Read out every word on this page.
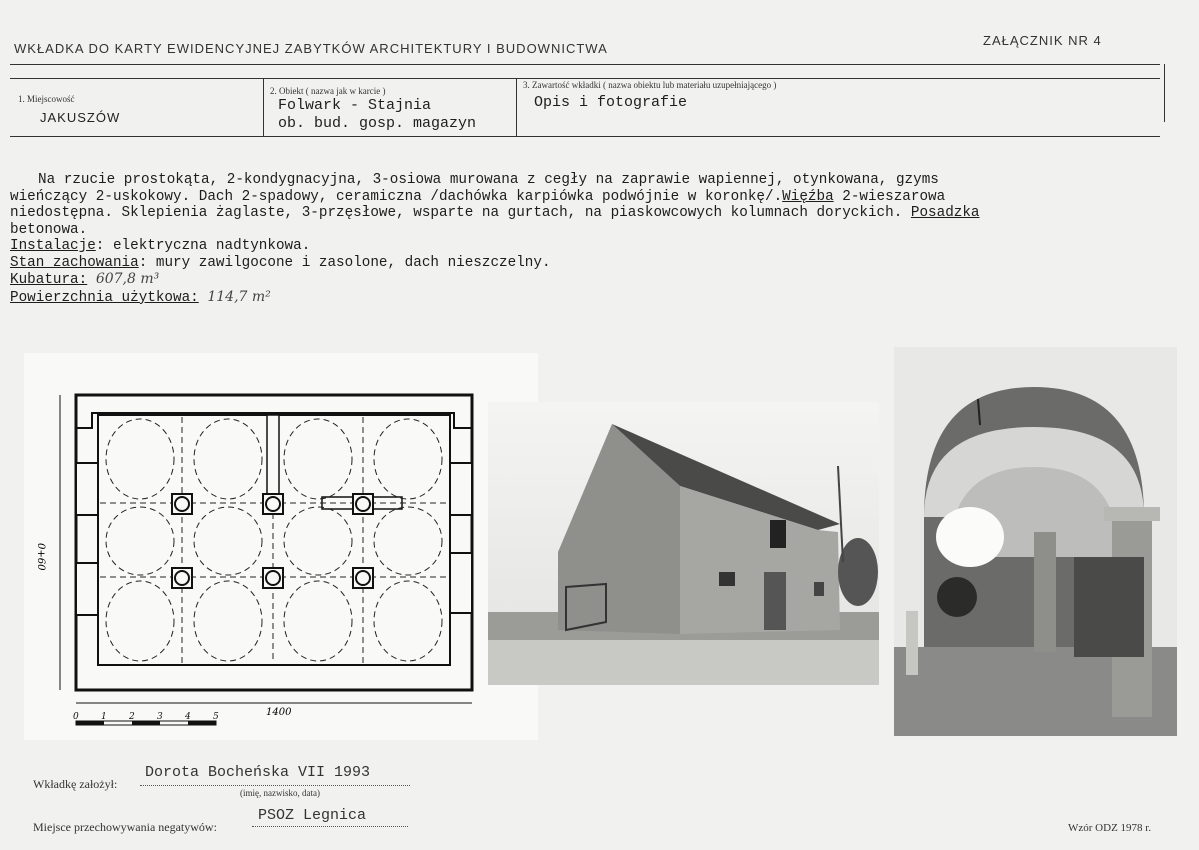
WKŁADKA DO KARTY EWIDENCYJNEJ ZABYTKÓW ARCHITEKTURY I BUDOWNICTWA
ZAŁĄCZNIK NR 4
1. Miejscowość
JAKUSZÓW
2. Obiekt ( nazwa jak w karcie )
Folwark - Stajnia
ob. bud. gosp. magazyn
3. Zawartość wkładki ( nazwa obiektu lub materiału uzupełniającego )
Opis i fotografie

Na rzucie prostokąta, 2-kondygnacyjna, 3-osiowa murowana z cegły na zaprawie wapiennej, otynkowana, gzyms

wieńczący 2-uskokowy. Dach 2-spadowy, ceramiczna /dachówka karpiówka podwójnie w koronkę/.Więźba 2-wieszarowa

niedostępna. Sklepienia żaglaste, 3-przęsłowe, wsparte na gurtach, na piaskowcowych kolumnach doryckich. Posadzka

betonowa.

Instalacje: elektryczna nadtynkowa.

Stan zachowania: mury zawilgocone i zasolone, dach nieszczelny.

Kubatura: 607,8 m³

Powierzchnia użytkowa: 114,7 m²

0+60
1400
0 1 2 3 4 5
Wkładkę założył:
Dorota Bocheńska VII 1993
(imię, nazwisko, data)
Miejsce przechowywania negatywów:
PSOZ Legnica
Wzór ODZ 1978 r.
